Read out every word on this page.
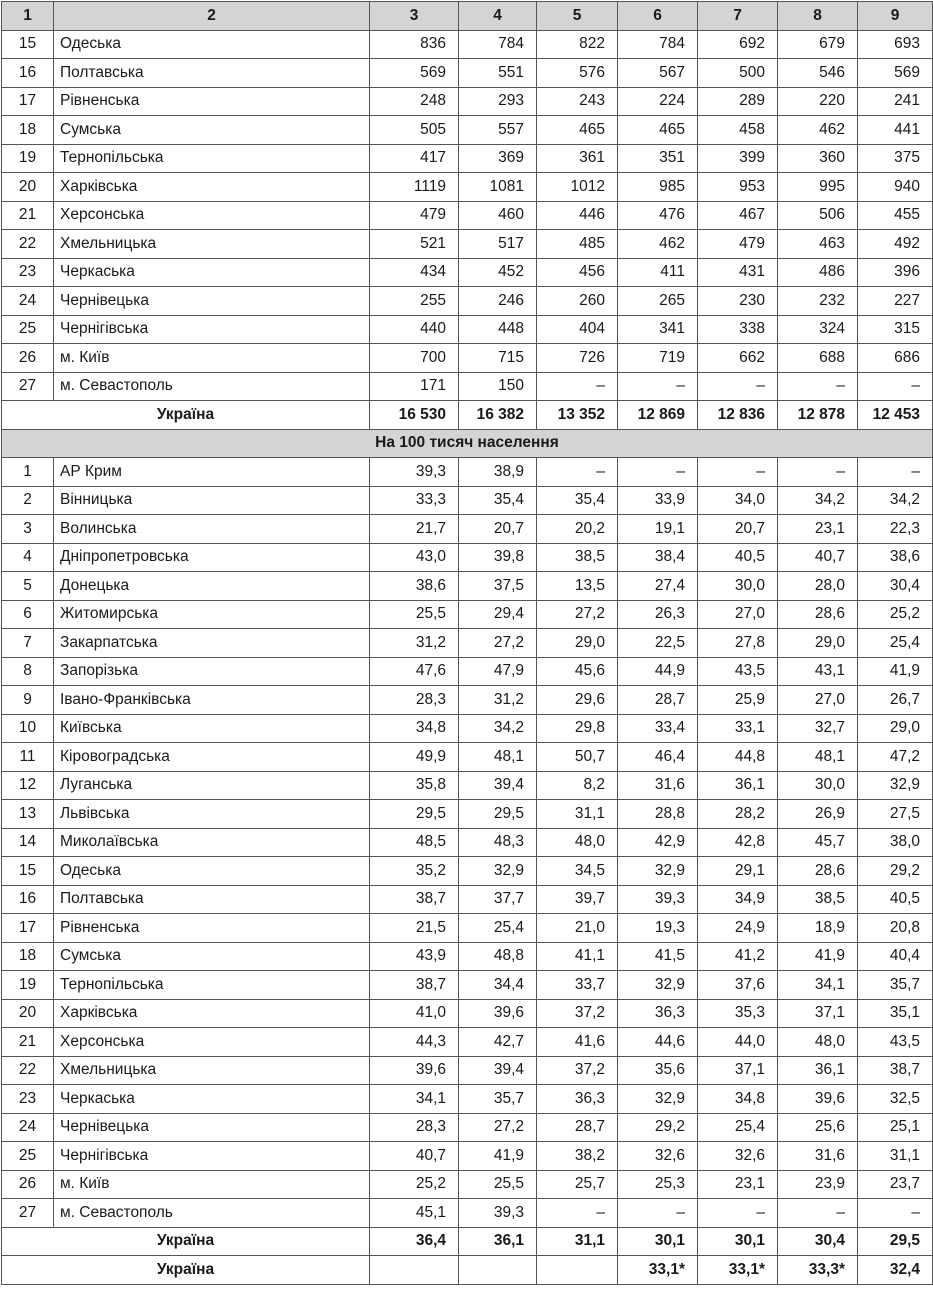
1	2	3	4	5	6	7	8	9
15	Одеська	836	784	822	784	692	679	693
16	Полтавська	569	551	576	567	500	546	569
17	Рівненська	248	293	243	224	289	220	241
18	Сумська	505	557	465	465	458	462	441
19	Тернопільська	417	369	361	351	399	360	375
20	Харківська	1119	1081	1012	985	953	995	940
21	Херсонська	479	460	446	476	467	506	455
22	Хмельницька	521	517	485	462	479	463	492
23	Черкаська	434	452	456	411	431	486	396
24	Чернівецька	255	246	260	265	230	232	227
25	Чернігівська	440	448	404	341	338	324	315
26	м. Київ	700	715	726	719	662	688	686
27	м. Севастополь	171	150	–	–	–	–	–
Україна		16 530	16 382	13 352	12 869	12 836	12 878	12 453
На 100 тисяч населення								
1	АР Крим	39,3	38,9	–	–	–	–	–
2	Вінницька	33,3	35,4	35,4	33,9	34,0	34,2	34,2
3	Волинська	21,7	20,7	20,2	19,1	20,7	23,1	22,3
4	Дніпропетровська	43,0	39,8	38,5	38,4	40,5	40,7	38,6
5	Донецька	38,6	37,5	13,5	27,4	30,0	28,0	30,4
6	Житомирська	25,5	29,4	27,2	26,3	27,0	28,6	25,2
7	Закарпатська	31,2	27,2	29,0	22,5	27,8	29,0	25,4
8	Запорізька	47,6	47,9	45,6	44,9	43,5	43,1	41,9
9	Івано-Франківська	28,3	31,2	29,6	28,7	25,9	27,0	26,7
10	Київська	34,8	34,2	29,8	33,4	33,1	32,7	29,0
11	Кіровоградська	49,9	48,1	50,7	46,4	44,8	48,1	47,2
12	Луганська	35,8	39,4	8,2	31,6	36,1	30,0	32,9
13	Львівська	29,5	29,5	31,1	28,8	28,2	26,9	27,5
14	Миколаївська	48,5	48,3	48,0	42,9	42,8	45,7	38,0
15	Одеська	35,2	32,9	34,5	32,9	29,1	28,6	29,2
16	Полтавська	38,7	37,7	39,7	39,3	34,9	38,5	40,5
17	Рівненська	21,5	25,4	21,0	19,3	24,9	18,9	20,8
18	Сумська	43,9	48,8	41,1	41,5	41,2	41,9	40,4
19	Тернопільська	38,7	34,4	33,7	32,9	37,6	34,1	35,7
20	Харківська	41,0	39,6	37,2	36,3	35,3	37,1	35,1
21	Херсонська	44,3	42,7	41,6	44,6	44,0	48,0	43,5
22	Хмельницька	39,6	39,4	37,2	35,6	37,1	36,1	38,7
23	Черкаська	34,1	35,7	36,3	32,9	34,8	39,6	32,5
24	Чернівецька	28,3	27,2	28,7	29,2	25,4	25,6	25,1
25	Чернігівська	40,7	41,9	38,2	32,6	32,6	31,6	31,1
26	м. Київ	25,2	25,5	25,7	25,3	23,1	23,9	23,7
27	м. Севастополь	45,1	39,3	–	–	–	–	–
Україна		36,4	36,1	31,1	30,1	30,1	30,4	29,5
Україна					33,1*	33,1*	33,3*	32,4
